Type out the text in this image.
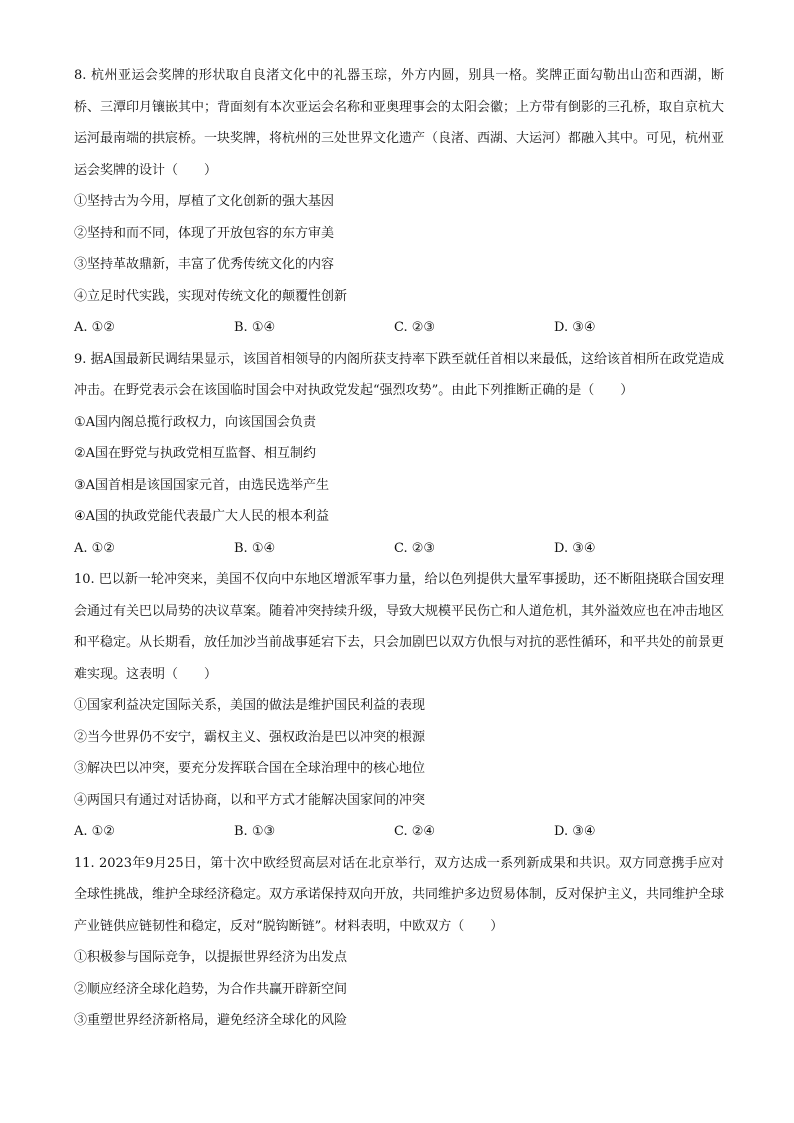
8. 杭州亚运会奖牌的形状取自良渚文化中的礼器玉琮，外方内圆，别具一格。奖牌正面勾勒出山峦和西湖，断桥、三潭印月镶嵌其中；背面刻有本次亚运会名称和亚奥理事会的太阳会徽；上方带有倒影的三孔桥，取自京杭大运河最南端的拱宸桥。一块奖牌，将杭州的三处世界文化遗产（良渚、西湖、大运河）都融入其中。可见，杭州亚运会奖牌的设计（　　）

①坚持古为今用，厚植了文化创新的强大基因

②坚持和而不同，体现了开放包容的东方审美

③坚持革故鼎新，丰富了优秀传统文化的内容

④立足时代实践，实现对传统文化的颠覆性创新

A. ①②	B. ①④	C. ②③	D. ③④

9. 据A国最新民调结果显示，该国首相领导的内阁所获支持率下跌至就任首相以来最低，这给该首相所在政党造成冲击。在野党表示会在该国临时国会中对执政党发起“强烈攻势”。由此下列推断正确的是（　　）

①A国内阁总揽行政权力，向该国国会负责

②A国在野党与执政党相互监督、相互制约

③A国首相是该国国家元首，由选民选举产生

④A国的执政党能代表最广大人民的根本利益

A. ①②	B. ①④	C. ②③	D. ③④

10. 巴以新一轮冲突来，美国不仅向中东地区增派军事力量，给以色列提供大量军事援助，还不断阻挠联合国安理会通过有关巴以局势的决议草案。随着冲突持续升级，导致大规模平民伤亡和人道危机，其外溢效应也在冲击地区和平稳定。从长期看，放任加沙当前战事延宕下去，只会加剧巴以双方仇恨与对抗的恶性循环，和平共处的前景更难实现。这表明（　　）

①国家利益决定国际关系，美国的做法是维护国民利益的表现

②当今世界仍不安宁，霸权主义、强权政治是巴以冲突的根源

③解决巴以冲突，要充分发挥联合国在全球治理中的核心地位

④两国只有通过对话协商，以和平方式才能解决国家间的冲突

A. ①②	B. ①③	C. ②④	D. ③④

11. 2023年9月25日，第十次中欧经贸高层对话在北京举行，双方达成一系列新成果和共识。双方同意携手应对全球性挑战，维护全球经济稳定。双方承诺保持双向开放，共同维护多边贸易体制，反对保护主义，共同维护全球产业链供应链韧性和稳定，反对“脱钩断链”。材料表明，中欧双方（　　）

①积极参与国际竞争，以提振世界经济为出发点

②顺应经济全球化趋势，为合作共赢开辟新空间

③重塑世界经济新格局，避免经济全球化的风险
